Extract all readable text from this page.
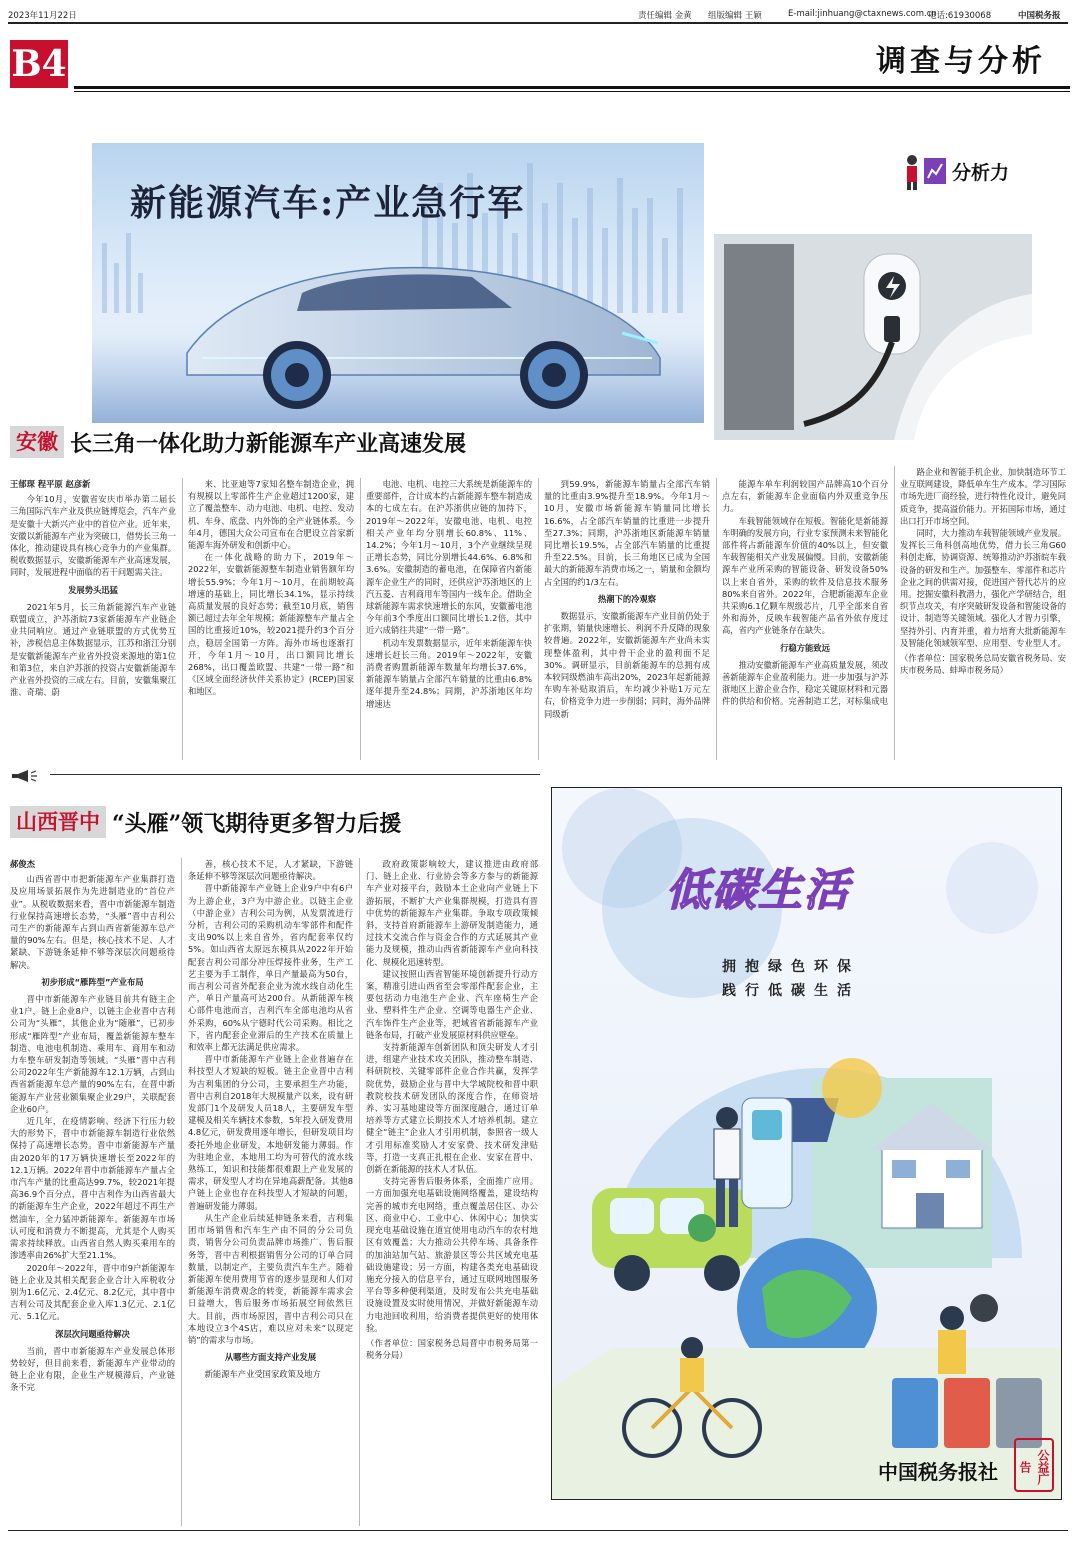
2023年11月22日	责任编辑 金黄 组版编辑 王颖	E-mail:jinhuang@ctaxnews.com.cn
电话:61930068	中国税务报
B4	调查与分析
新能源汽车:产业急行军
分析力
安徽 长三角一体化助力新能源车产业高速发展

王郁琛 程平原 赵彦新

今年10月，安徽省安庆市举办第二届长三角国际汽车产业及供应链博览会，汽车产业是安徽十大新兴产业中的首位产业。近年来，安徽以新能源车产业为突破口，借势长三角一体化，推动建设具有核心竞争力的产业集群。税收数据显示，安徽新能源车产业高速发展，同时，发展进程中面临的若干问题需关注。

发展势头迅猛

2021年5月，长三角新能源汽车产业链联盟成立，沪苏浙皖73家新能源车产业链企业共同响应。通过产业链联盟的方式优势互补，涉税信息主体数据显示，江苏和浙江分别是安徽新能源车产业省外投资来源地的第1位和第3位，来自沪苏浙的投资占安徽新能源车产业省外投资的三成左右。目前，安徽集聚江淮、奇瑞、蔚

来、比亚迪等7家知名整车制造企业，拥有规模以上零部件生产企业超过1200家，建立了覆盖整车、动力电池、电机、电控、发动机、车身、底盘、内外饰的全产业链体系。今年4月，德国大众公司宣布在合肥设立首家新能源车海外研发和创新中心。

在一体化战略的助力下，2019年～2022年，安徽新能源整车制造业销售额年均增长55.9%；今年1月～10月，在前期较高增速的基础上，同比增长34.1%，显示持续高质量发展的良好态势；截至10月底，销售额已超过去年全年规模；新能源整车产量占全国的比重接近10%，较2021提升约3个百分点，稳居全国第一方阵。海外市场也逐渐打开，今年1月～10月，出口额同比增长268%，出口覆盖欧盟、共建“一带一路”和《区域全面经济伙伴关系协定》(RCEP)国家和地区。

电池、电机、电控三大系统是新能源车的重要部件，合计成本约占新能源车整车制造成本的七成左右。在沪苏浙供应链的加持下，2019年～2022年，安徽电池、电机、电控相关产业年均分别增长60.8%、11%、14.2%；今年1月～10月，3个产业继续呈现正增长态势，同比分别增长44.6%、6.8%和3.6%。安徽制造的蓄电池，在保障省内新能源车企业生产的同时，还供应沪苏浙地区的上汽五菱、吉利商用车等国内一线车企。借助全球新能源车需求快速增长的东风，安徽蓄电池今年前3个季度出口额同比增长1.2倍，其中近六成销往共建“一带一路”。

机动车发票数据显示，近年来新能源车快速增长赶长三角。2019年～2022年，安徽消费者购置新能源车数量年均增长37.6%，新能源车销量占全部汽车销量的比重由6.8%逐年提升至24.8%；同期，沪苏浙地区年均增速达

到59.9%，新能源车销量占全部汽车销量的比重由3.9%提升至18.9%。今年1月～10月，安徽市场新能源车销量同比增长16.6%，占全部汽车销量的比重进一步提升至27.3%；同期，沪苏浙地区新能源车销量同比增长19.5%，占全部汽车销量的比重提升至22.5%。目前，长三角地区已成为全国最大的新能源车消费市场之一，销量和金额均占全国的约1/3左右。

热潮下的冷观察

数据显示，安徽新能源车产业目前仍处于扩张期，销量快速增长、利润不升反降的现象较普遍。2022年，安徽新能源车产业尚未实现整体盈利，其中骨干企业的盈利面不足30%。调研显示，目前新能源车的总拥有成本较同级燃油车高出20%，2023年起新能源车购车补贴取消后，车均减少补贴1万元左右，价格竞争力进一步削弱；同时，海外品牌同级新

能源车单车利润较国产品牌高10个百分点左右，新能源车企业面临内外双重竞争压力。

车载智能领域存在短板。智能化是新能源车明确的发展方向，行业专家预测未来智能化部件将占新能源车价值的40%以上，但安徽车载智能相关产业发展偏慢。目前，安徽新能源车产业所采购的智能设备、研发设备50%以上来自省外，采购的软件及信息技术服务80%来自省外。2022年，合肥新能源车企业共采购6.1亿颗车规级芯片，几乎全部来自省外和海外，反映车载智能产品省外依存度过高，省内产业链条存在缺失。

行稳方能致远

推动安徽新能源车产业高质量发展，须改善新能源车企业盈利能力。进一步加强与沪苏浙地区上游企业合作，稳定关键原材料和元器件的供给和价格。完善制造工艺，对标集成电

路企业和智能手机企业，加快制造环节工业互联网建设，降低单车生产成本。学习国际市场先进厂商经验，进行特性化设计，避免同质竞争，提高溢价能力。开拓国际市场，通过出口打开市场空间。

同时，大力推动车载智能领域产业发展。发挥长三角科创高地优势，借力长三角G60科创走廊，协调资源、统筹推动沪苏浙皖车载设备的研发和生产。加强整车、零部件和芯片企业之间的供需对接，促进国产替代芯片的应用。挖掘安徽科教潜力，强化产学研结合，组织节点攻关，有序突破研发设备和智能设备的设计、制造等关键领域。强化人才智力引擎，坚持外引、内育并重，着力培育大批新能源车及智能化领域领军型、应用型、专业型人才。

（作者单位：国家税务总局安徽省税务局、安庆市税务局、蚌埠市税务局）

山西晋中 “头雁”领飞期待更多智力后援

郝俊杰

山西省晋中市把新能源车产业集群打造及应用场景拓展作为先进制造业的“首位产业”。从税收数据来看，晋中市新能源车制造行业保持高速增长态势，“头雁”晋中吉利公司生产的新能源车占到山西省新能源车总产量的90%左右。但是，核心技术不足、人才紧缺、下游链条延伸不够等深层次问题亟待解决。

初步形成“雁阵型”产业布局

晋中市新能源车产业链目前共有链主企业1户，链上企业8户，以链主企业晋中吉利公司为“头雁”，其他企业为“随雁”，已初步形成“雁阵型”产业布局，覆盖新能源车整车制造、电池电机制造、乘用车、商用车和动力车整车研发制造等领域。“头雁”晋中吉利公司2022年生产新能源车12.1万辆，占到山西省新能源车总产量的90%左右，在晋中新能源车产业营业额集聚企业29户，关联配套企业60户。

近几年，在疫情影响、经济下行压力较大的形势下，晋中市新能源车制造行业依然保持了高速增长态势。晋中市新能源车产量由2020年的17万辆快速增长至2022年的12.1万辆。2022年晋中市新能源车产量占全市汽车产量的比重高达99.7%，较2021年提高36.9个百分点，晋中吉利作为山西省最大的新能源车生产企业，2022年超过不再生产燃油车，全力猛冲新能源车。新能源车市场认可度和消费力不断提高，尤其是个人购买需求持续释放。山西省自然人购买乘用车的渗透率由26%扩大至21.1%。

2020年～2022年，晋中市9户新能源车链上企业及其相关配套企业合计入库税收分别为1.6亿元、2.4亿元、8.2亿元，其中晋中吉利公司及其配套企业入库1.3亿元、2.1亿元、5.1亿元。

深层次问题亟待解决

当前，晋中市新能源车产业发展总体形势较好，但目前来看，新能源车产业带动的链上企业有限，企业生产规模滞后，产业链条不完

善，核心技术不足，人才紧缺，下游链条延伸不够等深层次问题亟待解决。

晋中新能源车产业链上企业9户中有6户为上游企业，3户为中游企业。以链主企业（中游企业）吉利公司为例，从发票流进行分析，吉利公司的采购机动车零部件和配件支出90%以上来自省外，省内配套率仅约5%。如山西省太原远东模具从2022年开始配套吉利公司部分冲压焊接件业务，生产工艺主要为手工制作，单日产量最高为50台，而吉利公司省外配套企业为流水线自动化生产，单日产量高可达200台。从新能源车核心部件电池而言，吉利汽车全部电池均从省外采购，60%从宁德时代公司采购。相比之下，省内配套企业滞后的生产技术在质量上和效率上都无法满足供应需求。

晋中市新能源车产业链上企业普遍存在科技型人才短缺的短板。链主企业晋中吉利为吉利集团的分公司，主要承担生产功能，晋中吉利自2018年大规模量产以来，设有研发部门1个及研发人员18人，主要研发车型建模及相关车辆技术参数，5年投入研发费用4.8亿元，研发费用逐年增长，但研发项目均委托外地企业研发，本地研发能力薄弱。作为驻地企业，本地用工均为可替代的流水线熟练工，知识和技能都很难跟上产业发展的需求，研发型人才均在异地高薪配备。其他8户链上企业也存在科技型人才短缺的问题，普遍研发能力薄弱。

从生产企业后续延伸链条来看，吉利集团市场销售和汽车生产由不同的分公司负责，销售分公司负责品牌市场推广、售后服务等，晋中吉利根据销售分公司的订单合同数量，以制定产，主要负责汽车生产。随着新能源车使用费用节省的逐步显现和人们对新能源车消费观念的转变，新能源车需求会日益增大，售后服务市场拓展空间依然巨大。目前，西市场原因，晋中吉利公司只在本地设立3个4S店，难以应对未来“以现定销”的需求与市场。

从哪些方面支持产业发展

新能源车产业受国家政策及地方

政府政策影响较大，建议推进由政府部门、链上企业、行业协会等多方参与的新能源车产业对接平台，鼓励本土企业向产业链上下游拓展，不断扩大产业集群规模，打造具有晋中优势的新能源车产业集群。争取专项政策倾斜，支持首府新能源车上游研发制造能力，通过技术交流合作与资金合作的方式延展其产业能力及规模，推动山西省新能源车产业向科技化、规模化迅速转型。

建议按照山西省智能环境创新提升行动方案，精准引进山西省至会零部件配套企业，主要包括动力电池生产企业、汽车座椅生产企业、塑料件生产企业、空调等电器生产企业、汽车饰件生产企业等，把域省省新能源车产业链条布局，打破产业发展原材料供应壁垒。

支持新能源车创新团队和顶尖研发人才引进，组建产业技术攻关团队，推动整车制造、科研院校、关键零部件企业合作共赢，发挥学院优势，鼓励企业与晋中大学城院校和晋中职教院校技术研发团队的深度合作，在师资培养、实习基地建设等方面深度融合，通过订单培养等方式建立长期技术人才培养机制。建立健全“链主”企业人才引用机制，参照省一级人才引用标准奖励人才安家费、技术研发津贴等，打造一支真正扎根在企业、安家在晋中、创新在新能源的技术人才队伍。

支持完善售后服务体系，全面推广应用。一方面加强充电基础设施网络覆盖，建设结构完善的城市充电网络，重点覆盖居住区、办公区、商业中心、工业中心、休闲中心；加快实现充电基础设施在道宜使用电动汽车的农村地区有效覆盖；大力推动公共停车场、具备条件的加油站加气站、旅游景区等公共区域充电基础设施建设；另一方面，构建各类充电基础设施充分接入的信息平台，通过互联网地图服务平台等多种便利渠道，及时发布公共充电基础设施设置及实时使用情况，并做好新能源车动力电池回收利用，给消费者提供更好的使用体验。

（作者单位：国家税务总局晋中市税务局第一税务分局）

低碳生活
拥抱绿色环保
践行低碳生活
中国税务报社	公益广告
